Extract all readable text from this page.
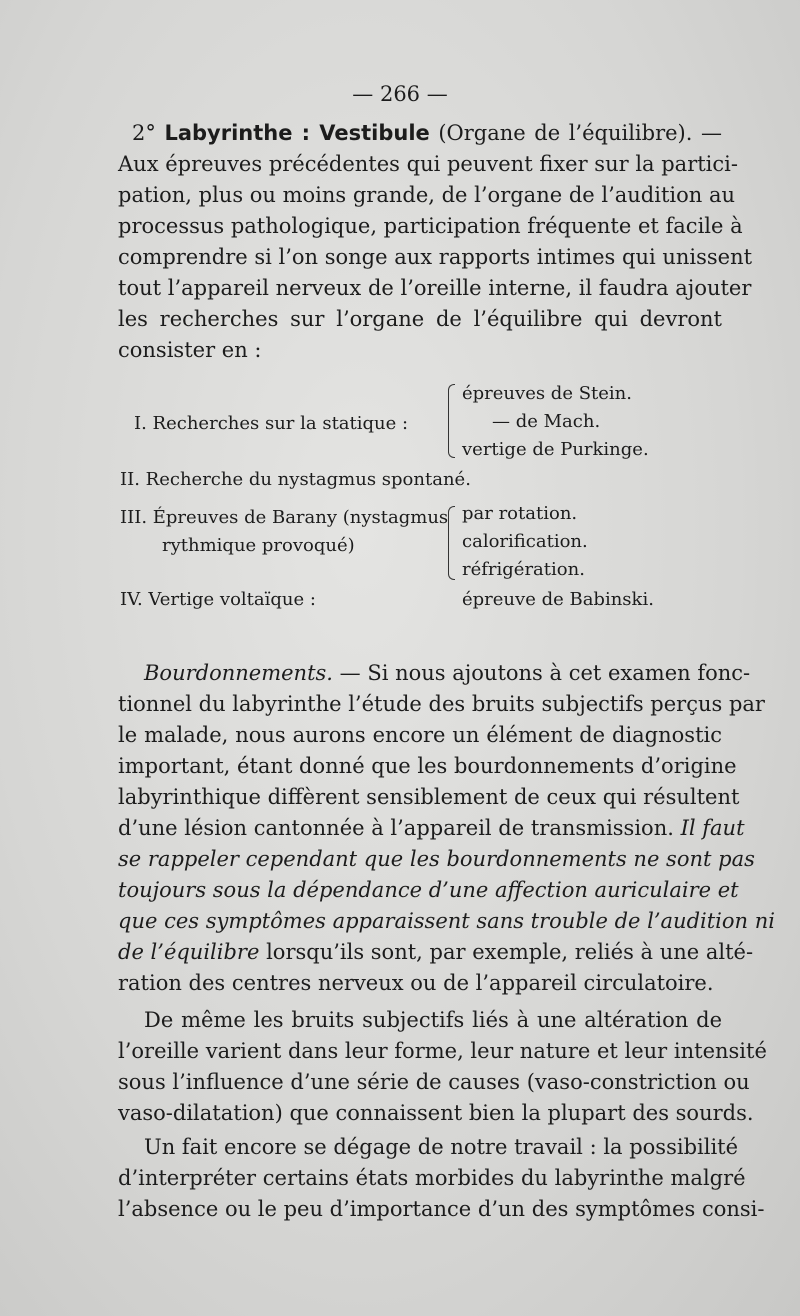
— 266 —
2° Labyrinthe : Vestibule (Organe de l’équilibre). —
Aux épreuves précédentes qui peuvent fixer sur la partici-
pation, plus ou moins grande, de l’organe de l’audition au
processus pathologique, participation fréquente et facile à
comprendre si l’on songe aux rapports intimes qui unissent
tout l’appareil nerveux de l’oreille interne, il faudra ajouter
les recherches sur l’organe de l’équilibre qui devront
consister en :
I. Recherches sur la statique :
épreuves de Stein.
— de Mach.
vertige de Purkinge.
II. Recherche du nystagmus spontané.
III. Épreuves de Barany (nystagmus
rythmique provoqué)
par rotation.
calorification.
réfrigération.
IV. Vertige voltaïque :	épreuve de Babinski.
Bourdonnements. — Si nous ajoutons à cet examen fonc-
tionnel du labyrinthe l’étude des bruits subjectifs perçus par
le malade, nous aurons encore un élément de diagnostic
important, étant donné que les bourdonnements d’origine
labyrinthique diffèrent sensiblement de ceux qui résultent
d’une lésion cantonnée à l’appareil de transmission. Il faut
se rappeler cependant que les bourdonnements ne sont pas
toujours sous la dépendance d’une affection auriculaire et
que ces symptômes apparaissent sans trouble de l’audition ni
de l’équilibre lorsqu’ils sont, par exemple, reliés à une alté-
ration des centres nerveux ou de l’appareil circulatoire.
De même les bruits subjectifs liés à une altération de
l’oreille varient dans leur forme, leur nature et leur intensité
sous l’influence d’une série de causes (vaso-constriction ou
vaso-dilatation) que connaissent bien la plupart des sourds.
Un fait encore se dégage de notre travail : la possibilité
d’interpréter certains états morbides du labyrinthe malgré
l’absence ou le peu d’importance d’un des symptômes consi-
